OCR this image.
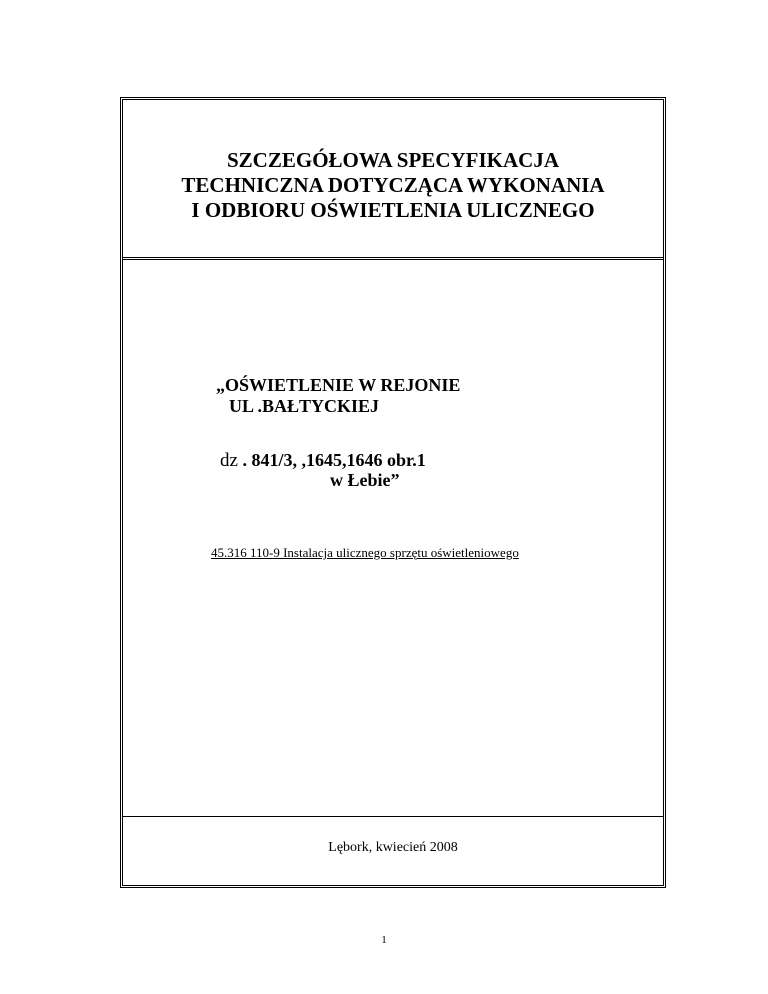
SZCZEGÓŁOWA SPECYFIKACJA
TECHNICZNA DOTYCZĄCA WYKONANIA
I ODBIORU OŚWIETLENIA ULICZNEGO
„OŚWIETLENIE W REJONIE
UL .BAŁTYCKIEJ
dz . 841/3, ,1645,1646 obr.1
w Łebie”
45.316 110-9 Instalacja ulicznego sprzętu oświetleniowego
Lębork, kwiecień 2008
1
